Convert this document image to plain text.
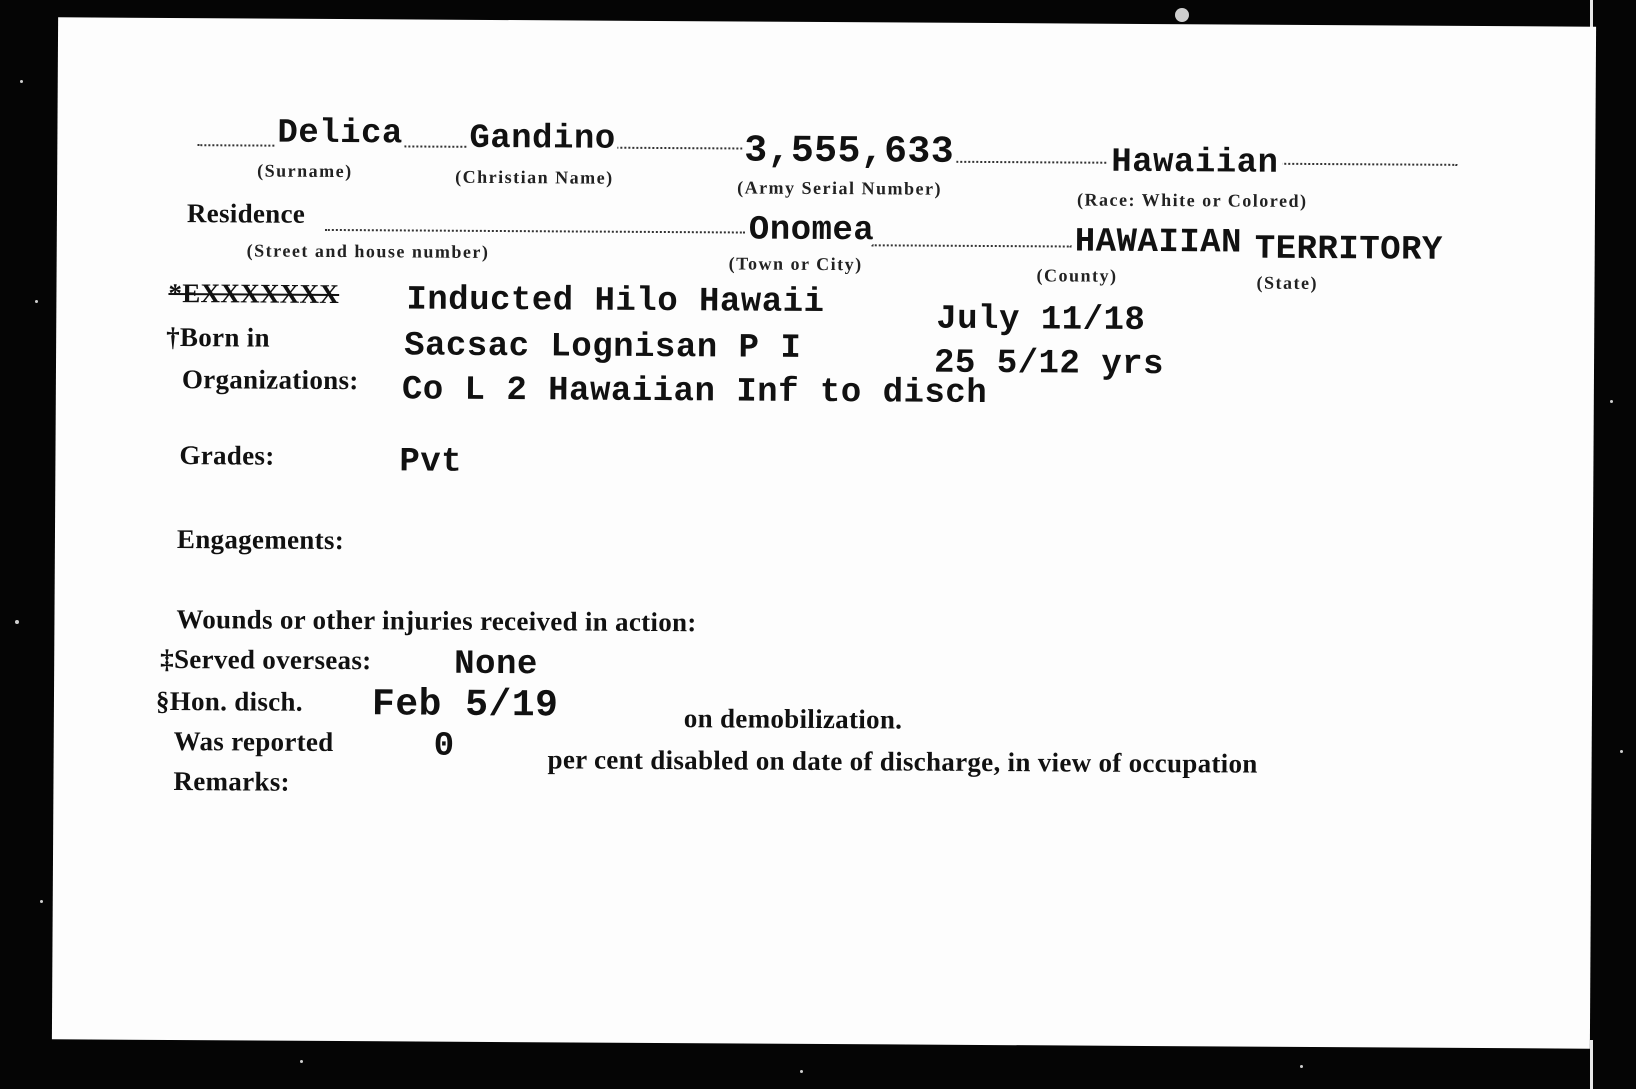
Delica
(Surname)
Gandino
(Christian Name)
3,555,633
(Army Serial Number)
Hawaiian
(Race: White or Colored)
Residence
(Street and house number)
Onomea
(Town or City)
HAWAIIAN
(County)
TERRITORY
(State)
*EXXXXXXX Inducted Hilo Hawaii	July 11/18
†Born in	Sacsac Lognisan P I	25 5/12 yrs
Organizations: Co L 2 Hawaiian Inf to disch
Grades:	Pvt
Engagements:
Wounds or other injuries received in action:
‡Served overseas: None
§Hon. disch. Feb 5/19	on demobilization.
Was reported	0	per cent disabled on date of discharge, in view of occupation
Remarks:
